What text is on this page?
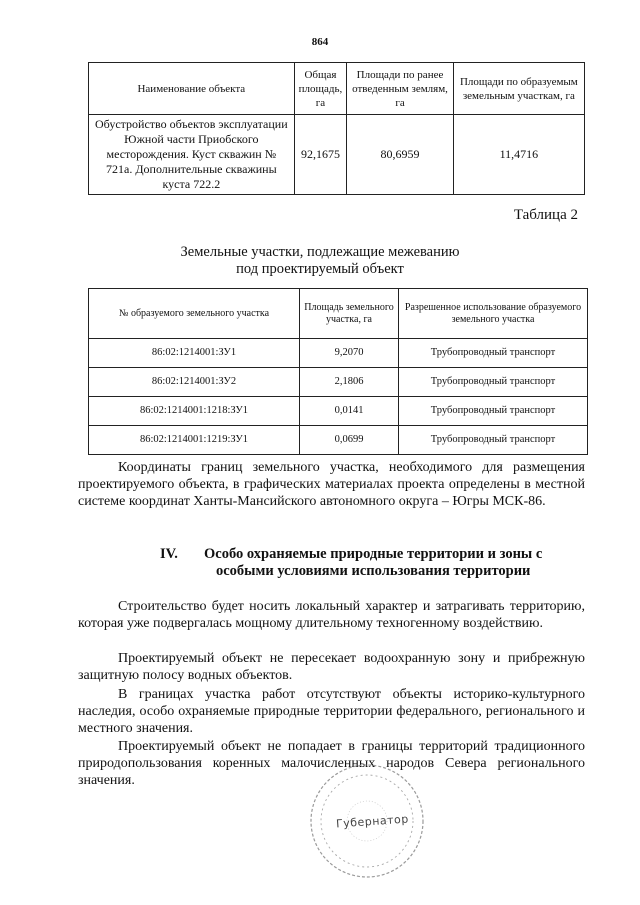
864
Наименование объекта	Общая площадь, га	Площади по ранее отведенным землям, га	Площади по образуемым земельным участкам, га
Обустройство объектов эксплуатации Южной части Приобского месторождения. Куст скважин № 721а. Дополнительные скважины куста 722.2	92,1675	80,6959	11,4716
Таблица 2
Земельные участки, подлежащие межеванию
под проектируемый объект
№ образуемого земельного участка	Площадь земельного участка, га	Разрешенное использование образуемого земельного участка
86:02:1214001:ЗУ1	9,2070	Трубопроводный транспорт
86:02:1214001:ЗУ2	2,1806	Трубопроводный транспорт
86:02:1214001:1218:ЗУ1	0,0141	Трубопроводный транспорт
86:02:1214001:1219:ЗУ1	0,0699	Трубопроводный транспорт
Координаты границ земельного участка, необходимого для размещения проектируемого объекта, в графических материалах проекта определены в местной системе координат Ханты-Мансийского автономного округа – Югры МСК-86.
IV. Особо охраняемые природные территории и зоны с
особыми условиями использования территории
Строительство будет носить локальный характер и затрагивать территорию, которая уже подвергалась мощному длительному техногенному воздействию.
Проектируемый объект не пересекает водоохранную зону и прибрежную защитную полосу водных объектов.
В границах участка работ отсутствуют объекты историко-культурного наследия, особо охраняемые природные территории федерального, регионального и местного значения.
Проектируемый объект не попадает в границы территорий традиционного природопользования коренных малочисленных народов Севера регионального значения.
Губернатор
